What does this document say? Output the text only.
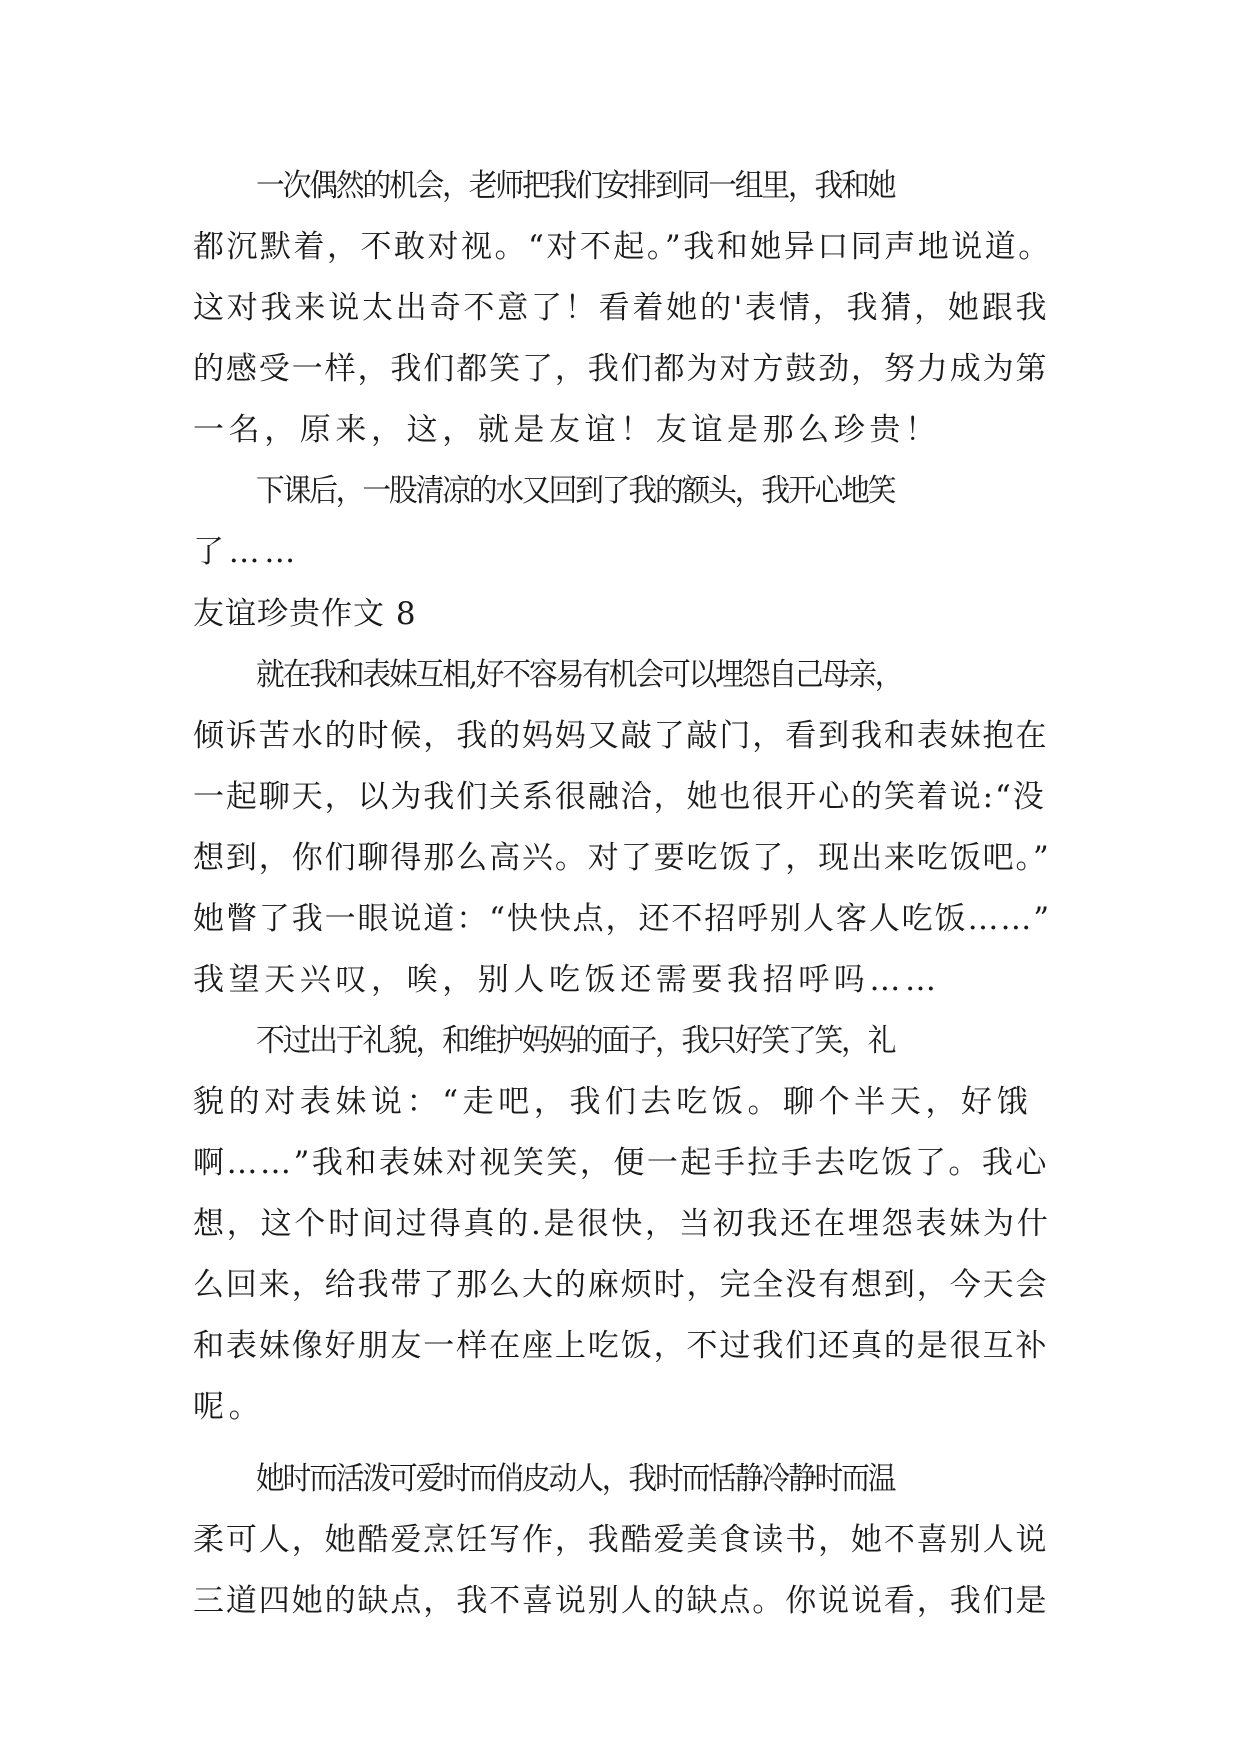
一次偶然的机会，老师把我们安排到同一组里，我和她
都沉默着，不敢对视。“对不起。”我和她异口同声地说道。
这对我来说太出奇不意了！看着她的'表情，我猜，她跟我
的感受一样，我们都笑了，我们都为对方鼓劲，努力成为第
一名，原来，这，就是友谊！友谊是那么珍贵！
下课后，一股清凉的水又回到了我的额头，我开心地笑
了……
友谊珍贵作文 8
就在我和表妹互相,好不容易有机会可以埋怨自己母亲，
倾诉苦水的时候，我的妈妈又敲了敲门，看到我和表妹抱在
一起聊天，以为我们关系很融洽，她也很开心的笑着说:“没
想到，你们聊得那么高兴。对了要吃饭了，现出来吃饭吧。”
她瞥了我一眼说道：“快快点，还不招呼别人客人吃饭……”
我望天兴叹，唉，别人吃饭还需要我招呼吗……
不过出于礼貌，和维护妈妈的面子，我只好笑了笑，礼
貌的对表妹说：“走吧，我们去吃饭。聊个半天，好饿
啊……”我和表妹对视笑笑，便一起手拉手去吃饭了。我心
想，这个时间过得真的.是很快，当初我还在埋怨表妹为什
么回来，给我带了那么大的麻烦时，完全没有想到，今天会
和表妹像好朋友一样在座上吃饭，不过我们还真的是很互补
呢。
她时而活泼可爱时而俏皮动人，我时而恬静冷静时而温
柔可人，她酷爱烹饪写作，我酷爱美食读书，她不喜别人说
三道四她的缺点，我不喜说别人的缺点。你说说看，我们是
